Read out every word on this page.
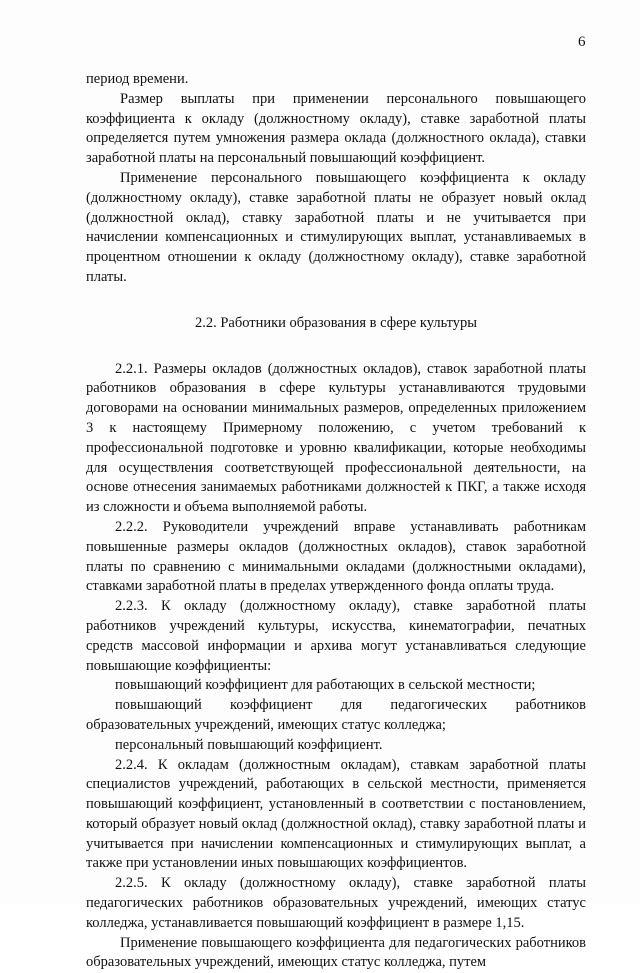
6

период времени.

Размер выплаты при применении персонального повышающего коэффициента к окладу (должностному окладу), ставке заработной платы определяется путем умножения размера оклада (должностного оклада), ставки заработной платы на персональный повышающий коэффициент.

Применение персонального повышающего коэффициента к окладу (должностному окладу), ставке заработной платы не образует новый оклад (должностной оклад), ставку заработной платы и не учитывается при начислении компенсационных и стимулирующих выплат, устанавливаемых в процентном отношении к окладу (должностному окладу), ставке заработной платы.

2.2. Работники образования в сфере культуры

2.2.1. Размеры окладов (должностных окладов), ставок заработной платы работников образования в сфере культуры устанавливаются трудовыми договорами на основании минимальных размеров, определенных приложением 3 к настоящему Примерному положению, с учетом требований к профессиональной подготовке и уровню квалификации, которые необходимы для осуществления соответствующей профессиональной деятельности, на основе отнесения занимаемых работниками должностей к ПКГ, а также исходя из сложности и объема выполняемой работы.

2.2.2. Руководители учреждений вправе устанавливать работникам повышенные размеры окладов (должностных окладов), ставок заработной платы по сравнению с минимальными окладами (должностными окладами), ставками заработной платы в пределах утвержденного фонда оплаты труда.

2.2.3. К окладу (должностному окладу), ставке заработной платы работников учреждений культуры, искусства, кинематографии, печатных средств массовой информации и архива могут устанавливаться следующие повышающие коэффициенты:

повышающий коэффициент для работающих в сельской местности;

повышающий коэффициент для педагогических работников образовательных учреждений, имеющих статус колледжа;

персональный повышающий коэффициент.

2.2.4. К окладам (должностным окладам), ставкам заработной платы специалистов учреждений, работающих в сельской местности, применяется повышающий коэффициент, установленный в соответствии с постановлением, который образует новый оклад (должностной оклад), ставку заработной платы и учитывается при начислении компенсационных и стимулирующих выплат, а также при установлении иных повышающих коэффициентов.

2.2.5. К окладу (должностному окладу), ставке заработной платы педагогических работников образовательных учреждений, имеющих статус колледжа, устанавливается повышающий коэффициент в размере 1,15.

Применение повышающего коэффициента для педагогических работников образовательных учреждений, имеющих статус колледжа, путем
